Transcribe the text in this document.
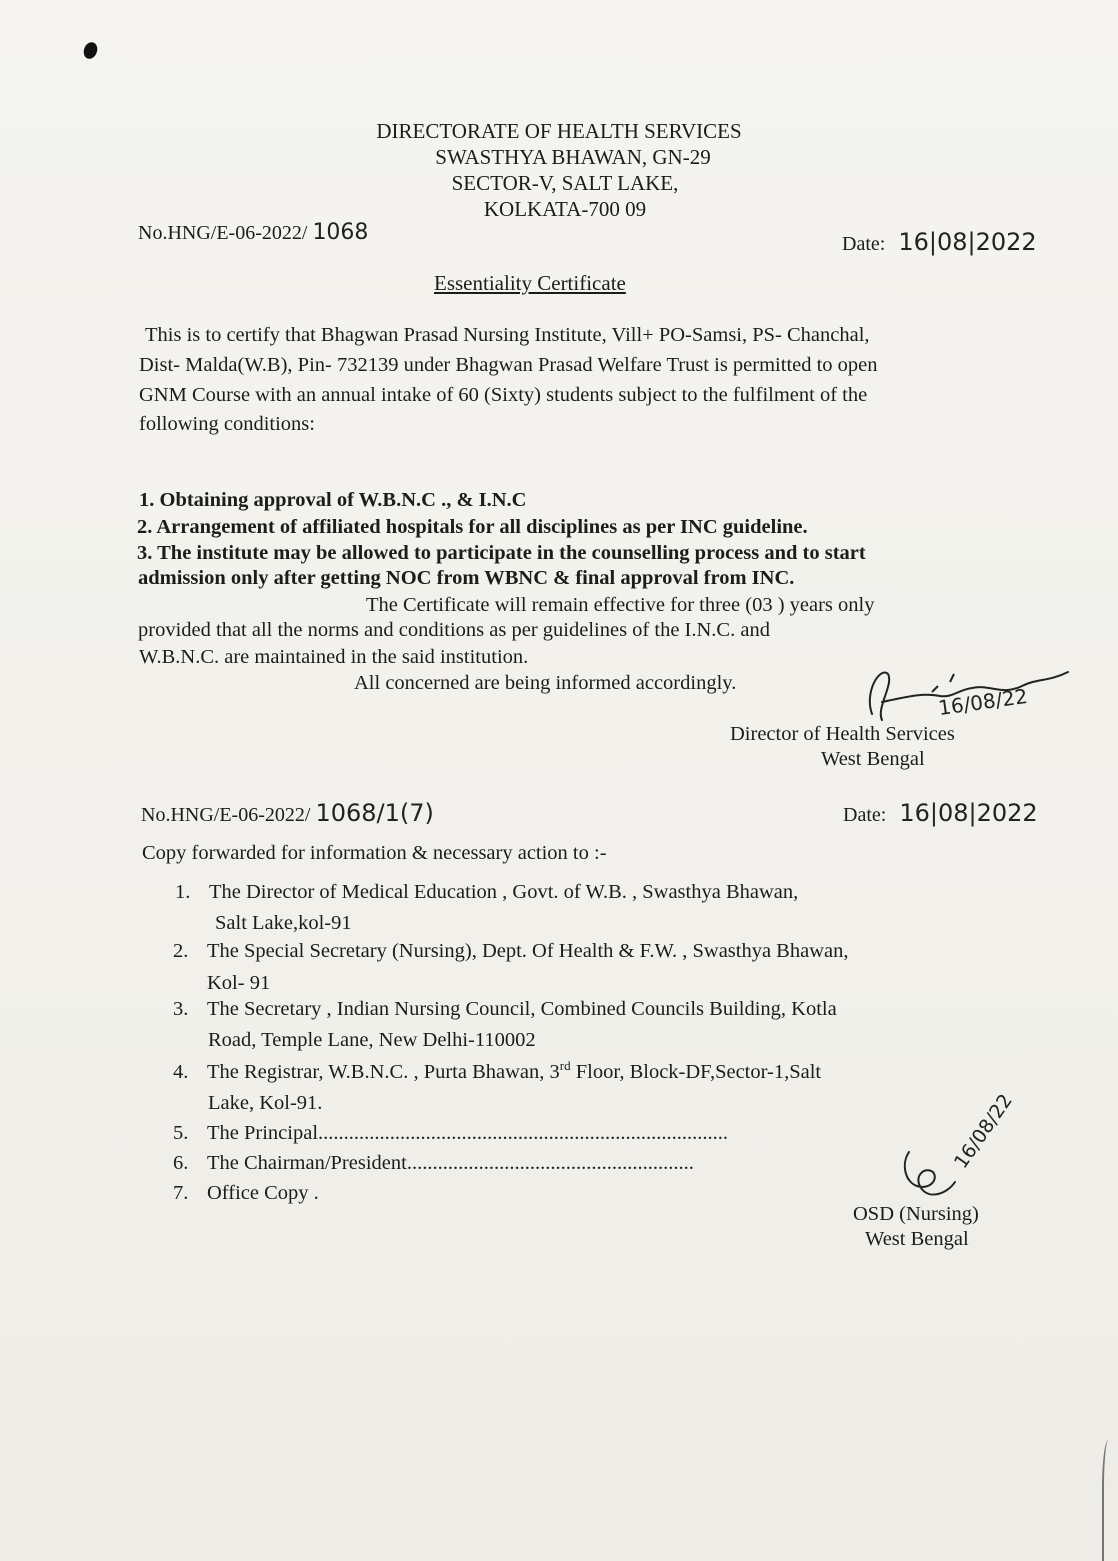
DIRECTORATE OF HEALTH SERVICES
SWASTHYA BHAWAN, GN-29
SECTOR-V, SALT LAKE,
KOLKATA-700 09
No.HNG/E-06-2022/ 1068	Date: 16|08|2022
Essentiality Certificate
This is to certify that Bhagwan Prasad Nursing Institute, Vill+ PO-Samsi, PS- Chanchal,
Dist- Malda(W.B), Pin- 732139 under Bhagwan Prasad Welfare Trust is permitted to open
GNM Course with an annual intake of 60 (Sixty) students subject to the fulfilment of the
following conditions:
1. Obtaining approval of W.B.N.C ., & I.N.C
2. Arrangement of affiliated hospitals for all disciplines as per INC guideline.
3. The institute may be allowed to participate in the counselling process and to start
admission only after getting NOC from WBNC & final approval from INC.
The Certificate will remain effective for three (03 ) years only
provided that all the norms and conditions as per guidelines of the I.N.C. and
W.B.N.C. are maintained in the said institution.
All concerned are being informed accordingly.
16/08/22
Director of Health Services
West Bengal
No.HNG/E-06-2022/ 1068/1(7)	Date: 16|08|2022
Copy forwarded for information & necessary action to :-
1. The Director of Medical Education , Govt. of W.B. , Swasthya Bhawan,
Salt Lake,kol-91
2. The Special Secretary (Nursing), Dept. Of Health & F.W. , Swasthya Bhawan,
Kol- 91
3. The Secretary , Indian Nursing Council, Combined Councils Building, Kotla
Road, Temple Lane, New Delhi-110002
4. The Registrar, W.B.N.C. , Purta Bhawan, 3rd Floor, Block-DF,Sector-1,Salt
Lake, Kol-91.
5. The Principal................................................................................
6. The Chairman/President........................................................
7. Office Copy .
16/08/22
OSD (Nursing)
West Bengal
